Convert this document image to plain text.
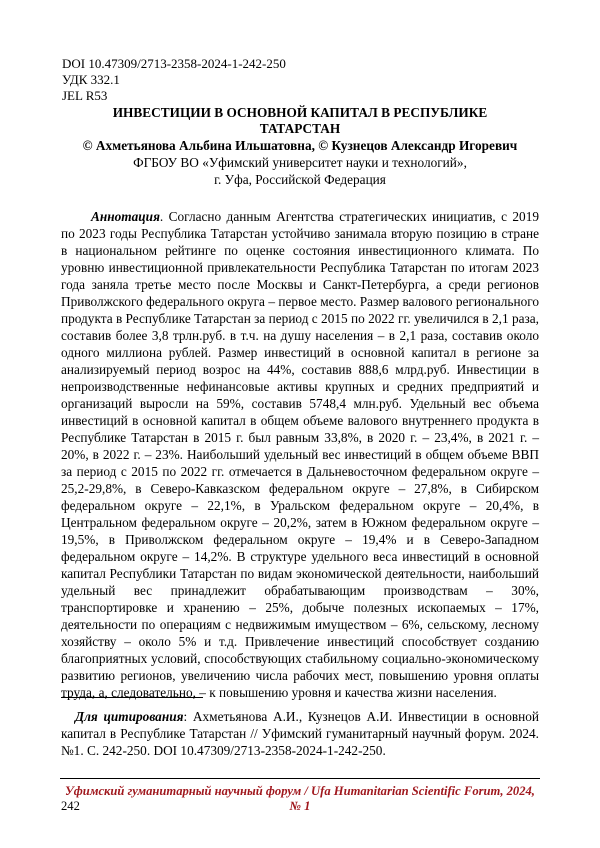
DOI 10.47309/2713-2358-2024-1-242-250
УДК 332.1
JEL R53
ИНВЕСТИЦИИ В ОСНОВНОЙ КАПИТАЛ В РЕСПУБЛИКЕ
ТАТАРСТАН
© Ахметьянова Альбина Ильшатовна, © Кузнецов Александр Игоревич
ФГБОУ ВО «Уфимский университет науки и технологий»,
г. Уфа, Российской Федерация

Аннотация. Согласно данным Агентства стратегических инициатив, с 2019 по 2023 годы Республика Татарстан устойчиво занимала вторую позицию в стране в национальном рейтинге по оценке состояния инвестиционного климата. По уровню инвестиционной привлекательности Республика Татарстан по итогам 2023 года заняла третье место после Москвы и Санкт-Петербурга, а среди регионов Приволжского федерального округа – первое место. Размер валового регионального продукта в Республике Татарстан за период с 2015 по 2022 гг. увеличился в 2,1 раза, составив более 3,8 трлн.руб. в т.ч. на душу населения – в 2,1 раза, составив около одного миллиона рублей. Размер инвестиций в основной капитал в регионе за анализируемый период возрос на 44%, составив 888,6 млрд.руб. Инвестиции в непроизводственные нефинансовые активы крупных и средних предприятий и организаций выросли на 59%, составив 5748,4 млн.руб. Удельный вес объема инвестиций в основной капитал в общем объеме валового внутреннего продукта в Республике Татарстан в 2015 г. был равным 33,8%, в 2020 г. – 23,4%, в 2021 г. – 20%, в 2022 г. – 23%. Наибольший удельный вес инвестиций в общем объеме ВВП за период с 2015 по 2022 гг. отмечается в Дальневосточном федеральном округе – 25,2-29,8%, в Северо-Кавказском федеральном округе – 27,8%, в Сибирском федеральном округе – 22,1%, в Уральском федеральном округе – 20,4%, в Центральном федеральном округе – 20,2%, затем в Южном федеральном округе – 19,5%, в Приволжском федеральном округе – 19,4% и в Северо-Западном федеральном округе – 14,2%. В структуре удельного веса инвестиций в основной капитал Республики Татарстан по видам экономической деятельности, наибольший удельный вес принадлежит обрабатывающим производствам – 30%, транспортировке и хранению – 25%, добыче полезных ископаемых – 17%, деятельности по операциям с недвижимым имуществом – 6%, сельскому, лесному хозяйству – около 5% и т.д. Привлечение инвестиций способствует созданию благоприятных условий, способствующих стабильному социально-экономическому развитию регионов, увеличению числа рабочих мест, повышению уровня оплаты труда, а, следовательно, – к повышению уровня и качества жизни населения.

Для цитирования: Ахметьянова А.И., Кузнецов А.И. Инвестиции в основной капитал в Республике Татарстан // Уфимский гуманитарный научный форум. 2024. №1. С. 242-250. DOI 10.47309/2713-2358-2024-1-242-250.

Уфимский гуманитарный научный форум / Ufa Humanitarian Scientific Forum, 2024, № 1
242
